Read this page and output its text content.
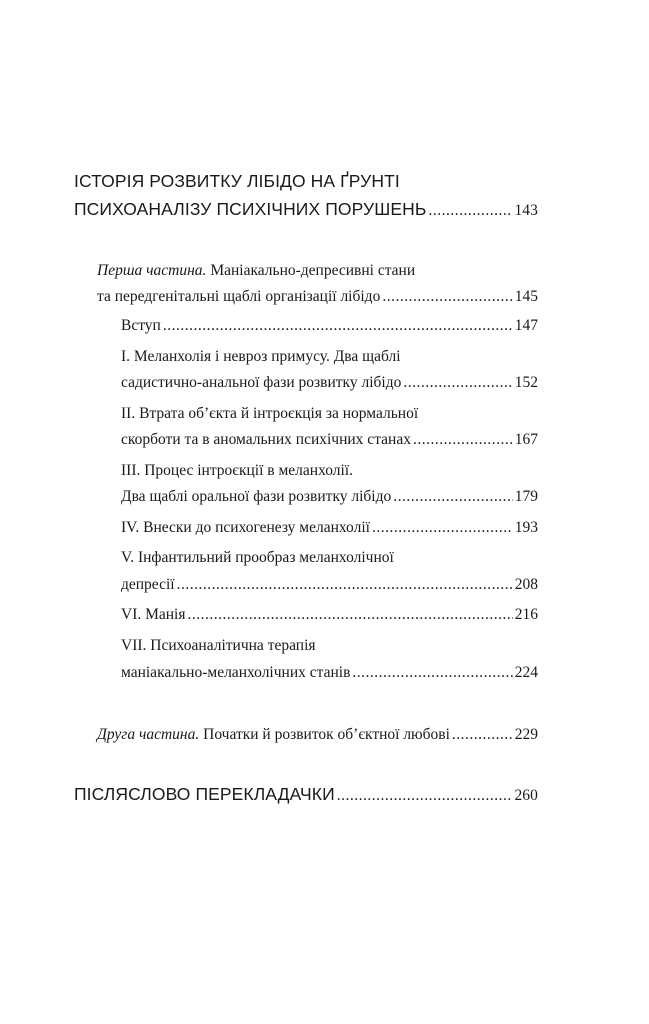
ІСТОРІЯ РОЗВИТКУ ЛІБІДО НА ҐРУНТІ
ПСИХОАНАЛІЗУ ПСИХІЧНИХ ПОРУШЕНЬ .....	143
Перша частина. Маніакально-депресивні стани
та передгенітальні щаблі організації лібідо .....	145
Вступ .....	147
I. Меланхолія і невроз примусу. Два щаблі
садистично-анальної фази розвитку лібідо .....	152
II. Втрата об’єкта й інтроєкція за нормальної
скорботи та в аномальних психічних станах .....	167
III. Процес інтроєкції в меланхолії.
Два щаблі оральної фази розвитку лібідо .....	179
IV. Внески до психогенезу меланхолії .....	193
V. Інфантильний прообраз меланхолічної
депресії .....	208
VI. Манія .....	216
VII. Психоаналітична терапія
маніакально-меланхолічних станів .....	224
Друга частина. Початки й розвиток об’єктної любові .....	229
ПІСЛЯСЛОВО ПЕРЕКЛАДАЧКИ .....	260
